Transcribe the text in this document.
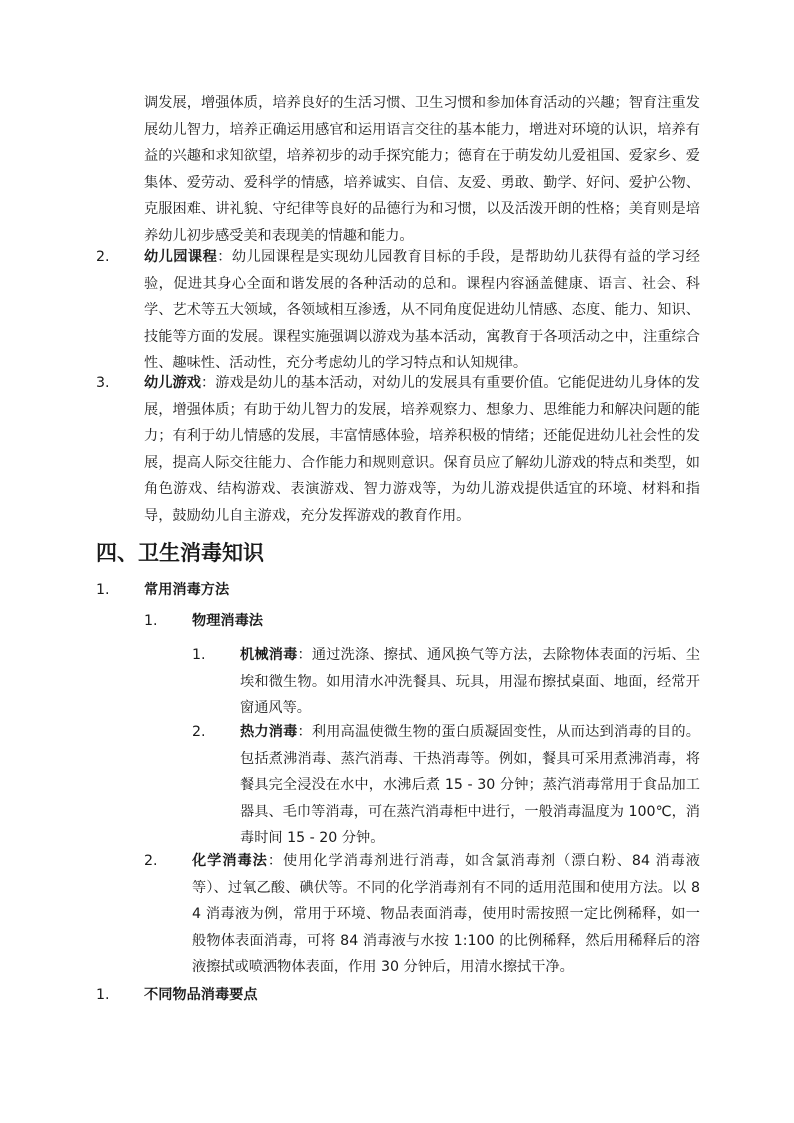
调发展，增强体质，培养良好的生活习惯、卫生习惯和参加体育活动的兴趣；智育注重发展幼儿智力，培养正确运用感官和运用语言交往的基本能力，增进对环境的认识，培养有益的兴趣和求知欲望，培养初步的动手探究能力；德育在于萌发幼儿爱祖国、爱家乡、爱集体、爱劳动、爱科学的情感，培养诚实、自信、友爱、勇敢、勤学、好问、爱护公物、克服困难、讲礼貌、守纪律等良好的品德行为和习惯，以及活泼开朗的性格；美育则是培养幼儿初步感受美和表现美的情趣和能力。

2. 幼儿园课程：幼儿园课程是实现幼儿园教育目标的手段，是帮助幼儿获得有益的学习经验，促进其身心全面和谐发展的各种活动的总和。课程内容涵盖健康、语言、社会、科学、艺术等五大领域，各领域相互渗透，从不同角度促进幼儿情感、态度、能力、知识、技能等方面的发展。课程实施强调以游戏为基本活动，寓教育于各项活动之中，注重综合性、趣味性、活动性，充分考虑幼儿的学习特点和认知规律。

3. 幼儿游戏：游戏是幼儿的基本活动，对幼儿的发展具有重要价值。它能促进幼儿身体的发展，增强体质；有助于幼儿智力的发展，培养观察力、想象力、思维能力和解决问题的能力；有利于幼儿情感的发展，丰富情感体验，培养积极的情绪；还能促进幼儿社会性的发展，提高人际交往能力、合作能力和规则意识。保育员应了解幼儿游戏的特点和类型，如角色游戏、结构游戏、表演游戏、智力游戏等，为幼儿游戏提供适宜的环境、材料和指导，鼓励幼儿自主游戏，充分发挥游戏的教育作用。

四、卫生消毒知识
1. 常用消毒方法
1. 物理消毒法
1. 机械消毒：通过洗涤、擦拭、通风换气等方法，去除物体表面的污垢、尘埃和微生物。如用清水冲洗餐具、玩具，用湿布擦拭桌面、地面，经常开窗通风等。

2. 热力消毒：利用高温使微生物的蛋白质凝固变性，从而达到消毒的目的。包括煮沸消毒、蒸汽消毒、干热消毒等。例如，餐具可采用煮沸消毒，将餐具完全浸没在水中，水沸后煮 15 - 30 分钟；蒸汽消毒常用于食品加工器具、毛巾等消毒，可在蒸汽消毒柜中进行，一般消毒温度为 100℃，消毒时间 15 - 20 分钟。

2. 化学消毒法：使用化学消毒剂进行消毒，如含氯消毒剂（漂白粉、84 消毒液等）、过氧乙酸、碘伏等。不同的化学消毒剂有不同的适用范围和使用方法。以 84 消毒液为例，常用于环境、物品表面消毒，使用时需按照一定比例稀释，如一般物体表面消毒，可将 84 消毒液与水按 1:100 的比例稀释，然后用稀释后的溶液擦拭或喷洒物体表面，作用 30 分钟后，用清水擦拭干净。

1. 不同物品消毒要点
